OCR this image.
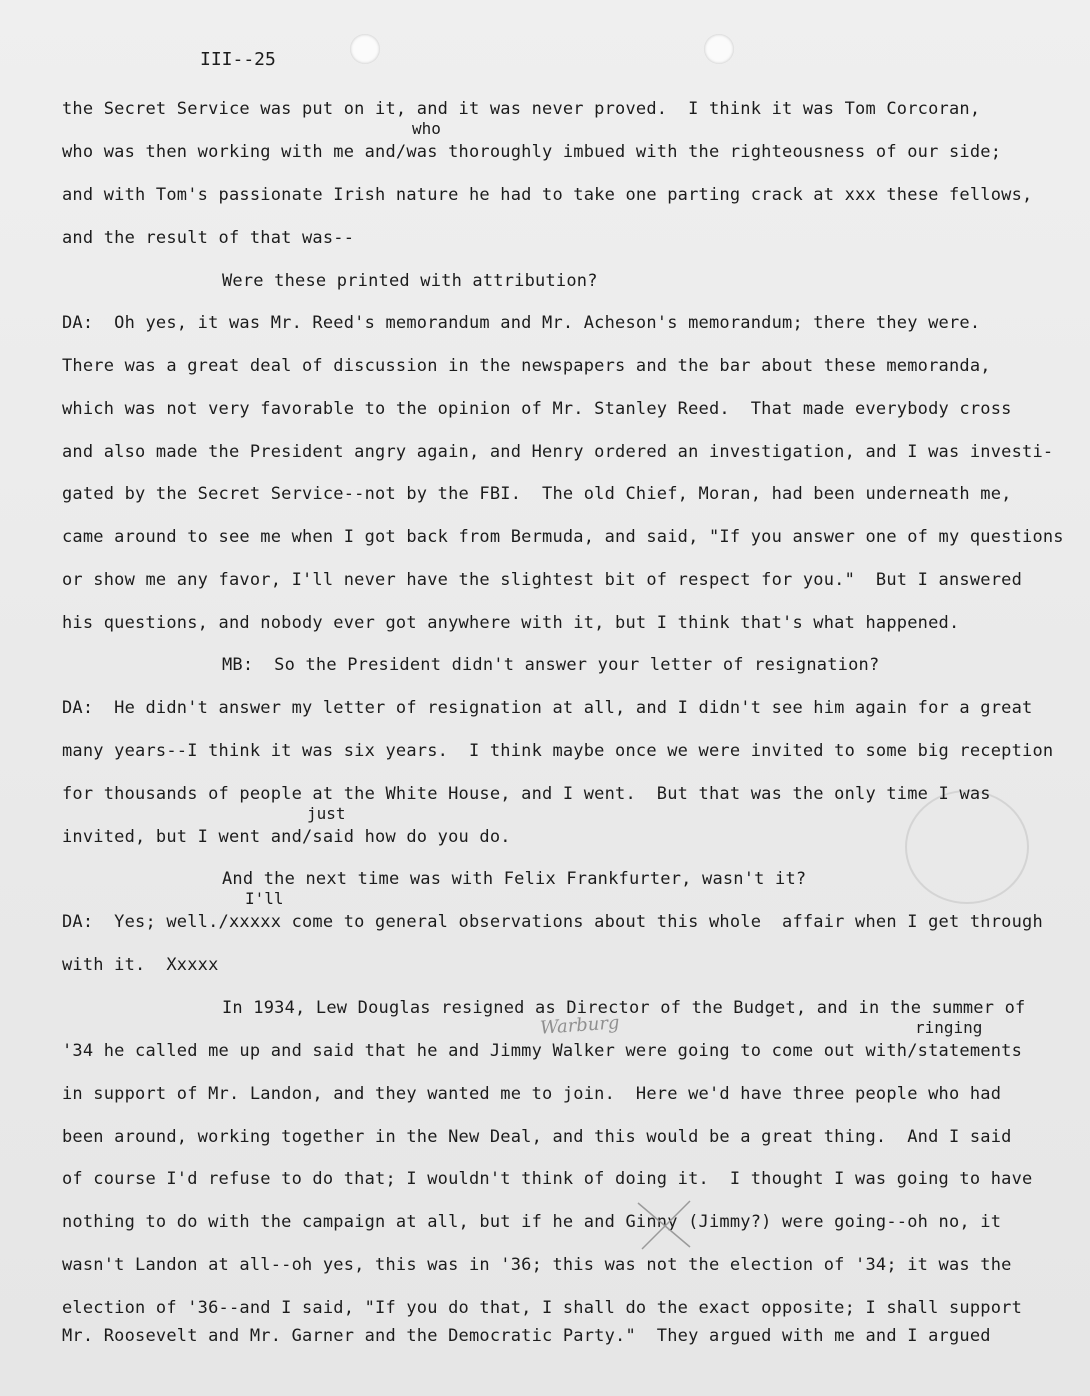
III--25
the Secret Service was put on it, and it was never proved.  I think it was Tom Corcoran,
who
who was then working with me and/was thoroughly imbued with the righteousness of our side;
and with Tom's passionate Irish nature he had to take one parting crack at xxx these fellows,
and the result of that was--
Were these printed with attribution?
DA:  Oh yes, it was Mr. Reed's memorandum and Mr. Acheson's memorandum; there they were.
There was a great deal of discussion in the newspapers and the bar about these memoranda,
which was not very favorable to the opinion of Mr. Stanley Reed.  That made everybody cross
and also made the President angry again, and Henry ordered an investigation, and I was investi-
gated by the Secret Service--not by the FBI.  The old Chief, Moran, had been underneath me,
came around to see me when I got back from Bermuda, and said, "If you answer one of my questions
or show me any favor, I'll never have the slightest bit of respect for you."  But I answered
his questions, and nobody ever got anywhere with it, but I think that's what happened.
MB:  So the President didn't answer your letter of resignation?
DA:  He didn't answer my letter of resignation at all, and I didn't see him again for a great
many years--I think it was six years.  I think maybe once we were invited to some big reception
for thousands of people at the White House, and I went.  But that was the only time I was
just
invited, but I went and/said how do you do.
And the next time was with Felix Frankfurter, wasn't it?
I'll
DA:  Yes; well./xxxxx come to general observations about this whole  affair when I get through
with it.  Xxxxx
In 1934, Lew Douglas resigned as Director of the Budget, and in the summer of
Warburg	ringing
'34 he called me up and said that he and Jimmy Walker were going to come out with/statements
in support of Mr. Landon, and they wanted me to join.  Here we'd have three people who had
been around, working together in the New Deal, and this would be a great thing.  And I said
of course I'd refuse to do that; I wouldn't think of doing it.  I thought I was going to have
nothing to do with the campaign at all, but if he and Ginny (Jimmy?) were going--oh no, it
wasn't Landon at all--oh yes, this was in '36; this was not the election of '34; it was the
election of '36--and I said, "If you do that, I shall do the exact opposite; I shall support
Mr. Roosevelt and Mr. Garner and the Democratic Party."  They argued with me and I argued
